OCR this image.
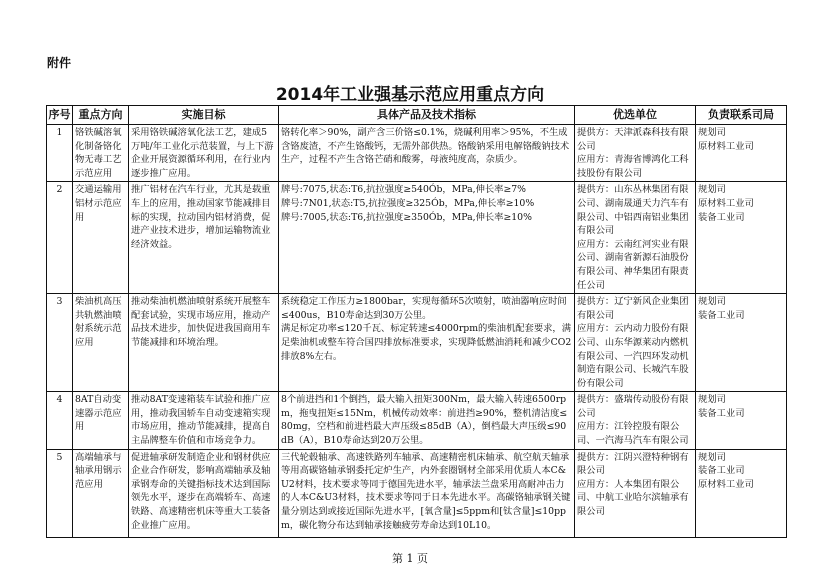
附件
2014年工业强基示范应用重点方向
序号	重点方向	实施目标	具体产品及技术指标	优选单位	负责联系司局
1	铬铁碱溶氧化制备铬化物无毒工艺示范应用	采用铬铁碱溶氧化法工艺，建成5万吨/年工业化示范装置，与上下游企业开展资源循环利用，在行业内逐步推广应用。	铬转化率＞90%，副产含三价铬≤0.1%，烧碱利用率＞95%，不生成含铬废渣，不产生铬酸钙，无需外部供热。铬酸钠采用电解铬酸钠技术生产，过程不产生含铬芒硝和酸雾，母液纯度高，杂质少。	提供方：天津派森科技有限公司
应用方：青海省博鸿化工科技股份有限公司	规划司
原材料工业司

2	交通运输用铝材示范应用	推广铝材在汽车行业，尤其是载重车上的应用，推动国家节能减排目标的实现，拉动国内铝材消费，促进产业技术进步，增加运输物流业经济效益。	牌号:7075,状态:T6,抗拉强度≥540Ób，MPa,伸长率≥7%
牌号:7N01,状态:T5,抗拉强度≥325Ób，MPa,伸长率≥10%
牌号:7005,状态:T6,抗拉强度≥350Ób，MPa,伸长率≥10%	提供方：山东丛林集团有限公司、湖南晟通天力汽车有限公司、中铝西南铝业集团有限公司
应用方：云南红河实业有限公司、湖南省新源石油股份有限公司、神华集团有限责任公司	规划司
原材料工业司
装备工业司

3	柴油机高压共轨燃油喷射系统示范应用	推动柴油机燃油喷射系统开展整车配套试验，实现市场应用，推动产品技术进步，加快促进我国商用车节能减排和环境治理。	系统稳定工作压力≥1800bar，实现每循环5次喷射，喷油器响应时间≤400us，B10寿命达到30万公里。
满足标定功率≤120千瓦、标定转速≤4000rpm的柴油机配套要求，满足柴油机或整车符合国四排放标准要求，实现降低燃油消耗和减少CO2排放8%左右。	提供方：辽宁新风企业集团有限公司
应用方：云内动力股份有限公司、山东华源莱动内燃机有限公司、一汽四环发动机制造有限公司、长城汽车股份有限公司	规划司
装备工业司

4	8AT自动变速器示范应用	推动8AT变速箱装车试验和推广应用，推动我国轿车自动变速箱实现市场应用，推动节能减排，提高自主品牌整车价值和市场竞争力。	8个前进挡和1个倒挡，最大输入扭矩300Nm，最大输入转速6500rpm，拖曳扭矩≤15Nm，机械传动效率：前进挡≥90%，整机清洁度≤80mg，空档和前进档最大声压级≤85dB（A），倒档最大声压级≤90dB（A），B10寿命达到20万公里。	提供方：盛瑞传动股份有限公司
应用方：江铃控股有限公司、一汽海马汽车有限公司	规划司
装备工业司

5	高端轴承与轴承用钢示范应用	促进轴承研发制造企业和钢材供应企业合作研发，影响高端轴承及轴承钢寿命的关键指标技术达到国际领先水平，逐步在高端轿车、高速铁路、高速精密机床等重大工装备企业推广应用。	三代轮毂轴承、高速铁路列车轴承、高速精密机床轴承、航空航天轴承等用高碳铬轴承钢委托定炉生产，内外套圈钢材全部采用优质人本C&U2材料，技术要求等同于德国先进水平，轴承法兰盘采用高耐冲击力的人本C&U3材料，技术要求等同于日本先进水平。高碳铬轴承钢关键量分别达到或接近国际先进水平，[氧含量]≤5ppm和[钛含量]≤10ppm，碳化物分布达到轴承接触疲劳寿命达到10L10。	提供方：江阴兴澄特种钢有限公司
应用方：人本集团有限公司、中航工业哈尔滨轴承有限公司	规划司
装备工业司
原材料工业司
第 1 页
